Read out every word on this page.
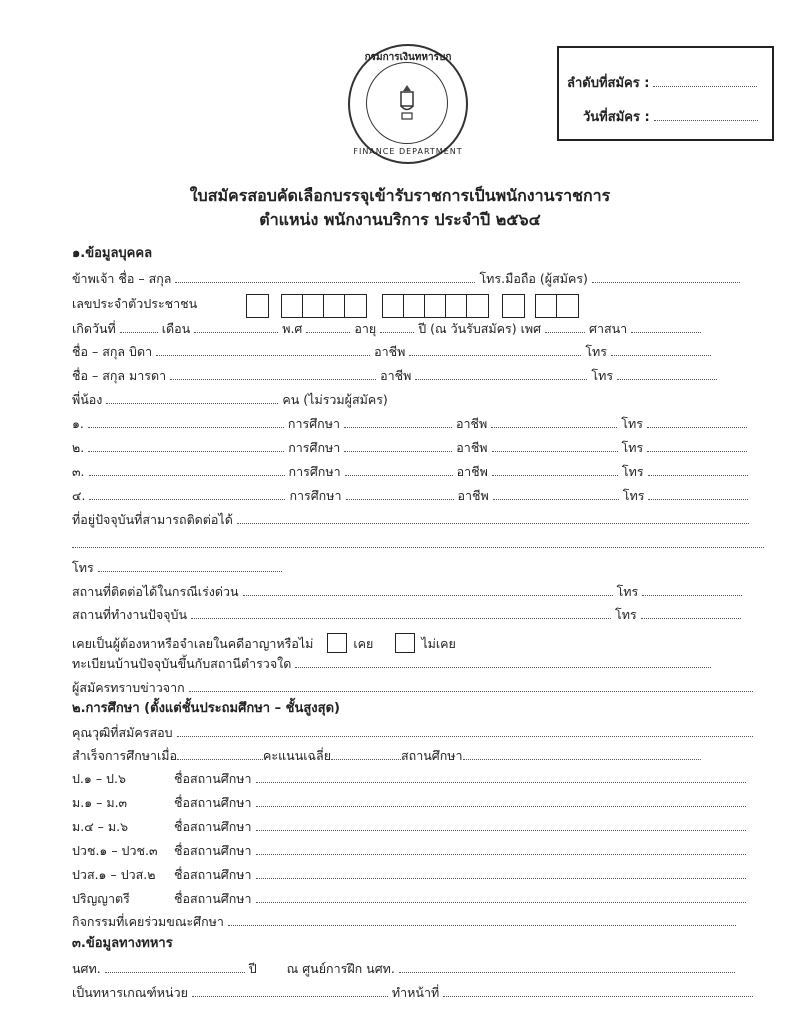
กรมการเงินทหารบก
FINANCE DEPARTMENT
ลำดับที่สมัคร :
วันที่สมัคร :
ใบสมัครสอบคัดเลือกบรรจุเข้ารับราชการเป็นพนักงานราชการ
ตำแหน่ง พนักงานบริการ ประจำปี ๒๕๖๔
๑.ข้อมูลบุคคล
ข้าพเจ้า ชื่อ – สกุล	โทร.มือถือ (ผู้สมัคร)
เลขประจำตัวประชาชน
เกิดวันที่	เดือน	พ.ศ	อายุ	ปี (ณ วันรับสมัคร) เพศ	ศาสนา
ชื่อ – สกุล บิดา	อาชีพ	โทร
ชื่อ – สกุล มารดา	อาชีพ	โทร
พี่น้อง	คน (ไม่รวมผู้สมัคร)
๑.	การศึกษา	อาชีพ	โทร
๒.	การศึกษา	อาชีพ	โทร
๓.	การศึกษา	อาชีพ	โทร
๔.	การศึกษา	อาชีพ	โทร
ที่อยู่ปัจจุบันที่สามารถติดต่อได้
โทร
สถานที่ติดต่อได้ในกรณีเร่งด่วน	โทร
สถานที่ทำงานปัจจุบัน	โทร
เคยเป็นผู้ต้องหาหรือจำเลยในคดีอาญาหรือไม่	เคย	ไม่เคย
ทะเบียนบ้านปัจจุบันขึ้นกับสถานีตำรวจใด
ผู้สมัครทราบข่าวจาก
๒.การศึกษา (ตั้งแต่ชั้นประถมศึกษา – ชั้นสูงสุด)
คุณวุฒิที่สมัครสอบ
สำเร็จการศึกษาเมื่อ	คะแนนเฉลี่ย	สถานศึกษา
ป.๑ – ป.๖	ชื่อสถานศึกษา
ม.๑ – ม.๓	ชื่อสถานศึกษา
ม.๔ – ม.๖	ชื่อสถานศึกษา
ปวช.๑ – ปวช.๓	ชื่อสถานศึกษา
ปวส.๑ – ปวส.๒	ชื่อสถานศึกษา
ปริญญาตรี	ชื่อสถานศึกษา
กิจกรรมที่เคยร่วมขณะศึกษา
๓.ข้อมูลทางทหาร
นศท.	ปี ณ ศูนย์การฝึก นศท.
เป็นทหารเกณฑ์หน่วย	ทำหน้าที่
